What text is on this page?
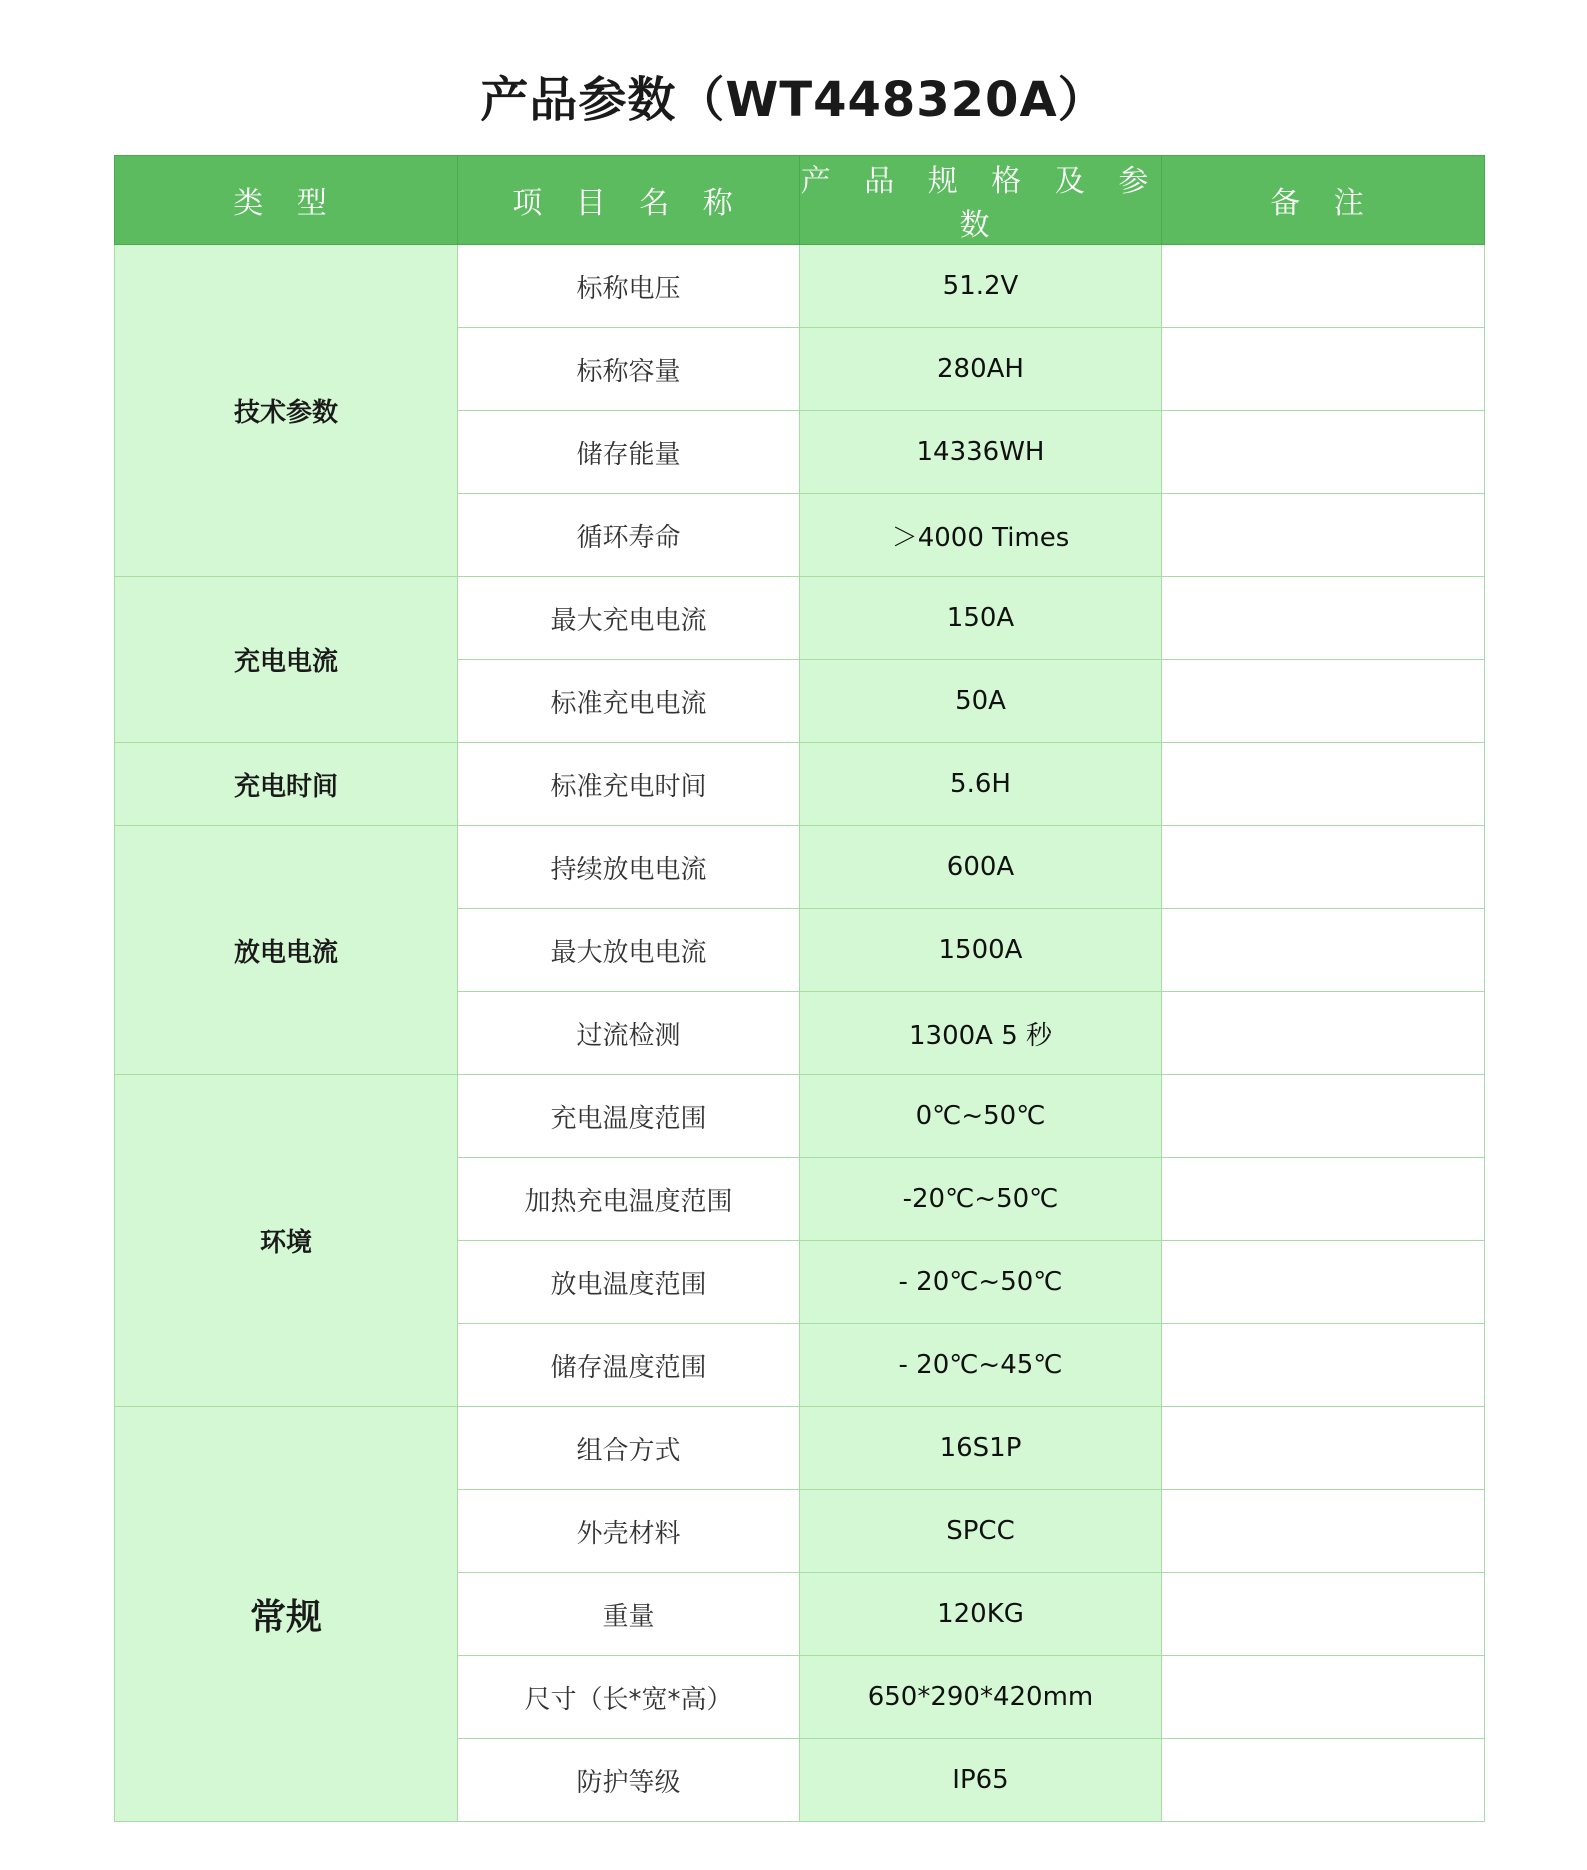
产品参数（WT448320A）
类 型	项 目 名 称	产 品 规 格 及 参 数	备 注
技术参数	标称电压	51.2V	
	标称容量	280AH	
	储存能量	14336WH	
	循环寿命	＞4000 Times	
充电电流	最大充电电流	150A	
	标准充电电流	50A	
充电时间	标准充电时间	5.6H	
放电电流	持续放电电流	600A	
	最大放电电流	1500A	
	过流检测	1300A 5 秒	
环境	充电温度范围	0℃~50℃	
	加热充电温度范围	-20℃~50℃	
	放电温度范围	- 20℃~50℃	
	储存温度范围	- 20℃~45℃	
常规	组合方式	16S1P	
	外壳材料	SPCC	
	重量	120KG	
	尺寸（长*宽*高）	650*290*420mm	
	防护等级	IP65	
